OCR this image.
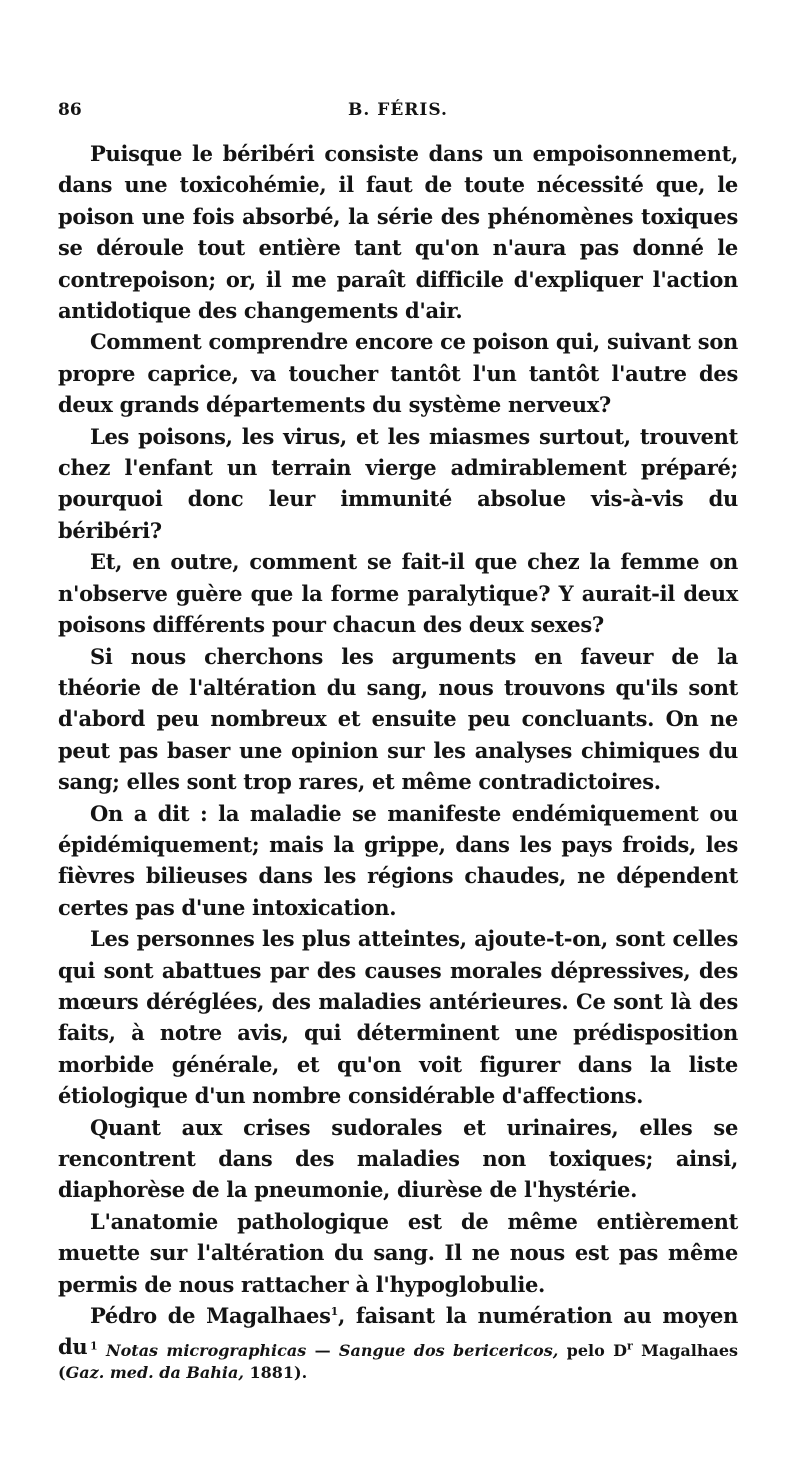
86	B. FÉRIS.

Puisque le béribéri consiste dans un empoisonnement, dans une toxicohémie, il faut de toute nécessité que, le poison une fois absorbé, la série des phénomènes toxiques se déroule tout entière tant qu'on n'aura pas donné le contrepoison; or, il me paraît difficile d'expliquer l'action antidotique des changements d'air.

Comment comprendre encore ce poison qui, suivant son propre caprice, va toucher tantôt l'un tantôt l'autre des deux grands départements du système nerveux?

Les poisons, les virus, et les miasmes surtout, trouvent chez l'enfant un terrain vierge admirablement préparé; pourquoi donc leur immunité absolue vis-à-vis du béribéri?

Et, en outre, comment se fait-il que chez la femme on n'observe guère que la forme paralytique? Y aurait-il deux poisons différents pour chacun des deux sexes?

Si nous cherchons les arguments en faveur de la théorie de l'altération du sang, nous trouvons qu'ils sont d'abord peu nombreux et ensuite peu concluants. On ne peut pas baser une opinion sur les analyses chimiques du sang; elles sont trop rares, et même contradictoires.

On a dit : la maladie se manifeste endémiquement ou épidémiquement; mais la grippe, dans les pays froids, les fièvres bilieuses dans les régions chaudes, ne dépendent certes pas d'une intoxication.

Les personnes les plus atteintes, ajoute-t-on, sont celles qui sont abattues par des causes morales dépressives, des mœurs déréglées, des maladies antérieures. Ce sont là des faits, à notre avis, qui déterminent une prédisposition morbide générale, et qu'on voit figurer dans la liste étiologique d'un nombre considérable d'affections.

Quant aux crises sudorales et urinaires, elles se rencontrent dans des maladies non toxiques; ainsi, diaphorèse de la pneumonie, diurèse de l'hystérie.

L'anatomie pathologique est de même entièrement muette sur l'altération du sang. Il ne nous est pas même permis de nous rattacher à l'hypoglobulie.

Pédro de Magalhaes$^1$, faisant la numération au moyen du $^1$ Notas micrographicas — Sangue dos bericericos, pelo $D^r$ Magalhaes (Gaz. med. da Bahia, 1881).
